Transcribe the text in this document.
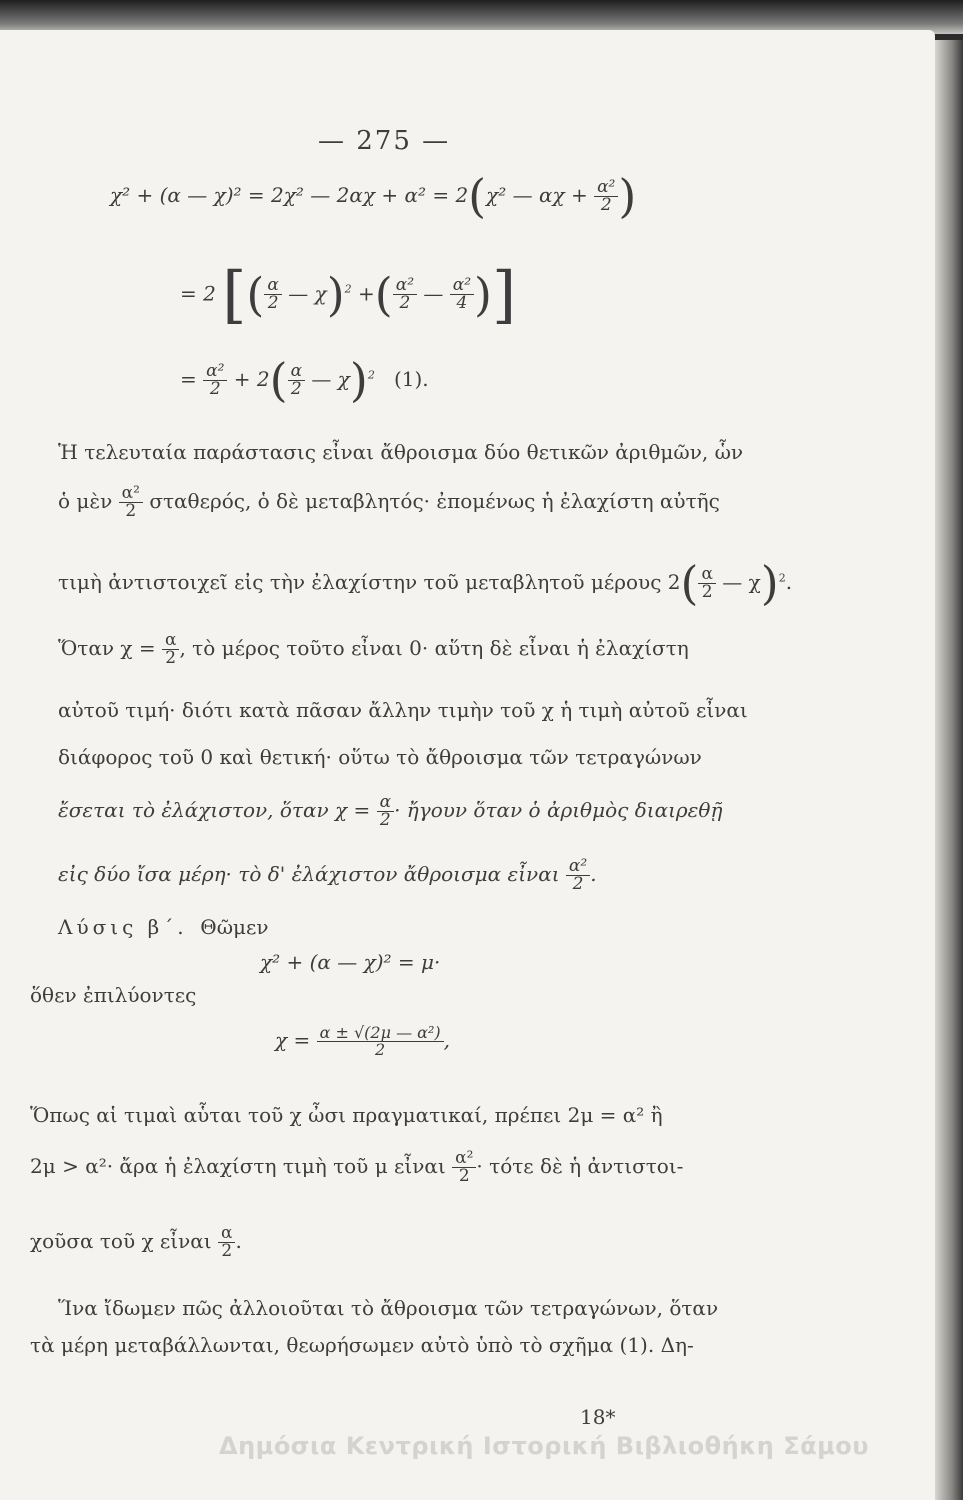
— 275 —
χ² + (α — χ)² = 2χ² — 2αχ + α² = 2(χ² — $\alpha\chi + \frac{\text{α²}}{2}$ )
= 2 [( $\frac{\alpha}{2}$ — χ)$^2$ +( $\frac{\text{α²}}{2}$ — $\frac{\text{α²}}{4}$ )]
= $\frac{\text{α²}}{2} + 2( \frac{\alpha}{2}$ — χ)$^2$ (1).
Ἡ τελευταία παράστασις εἶναι ἄθροισμα δύο θετικῶν ἀριθμῶν, ὧν
ὁ μὲν $\frac{\text{α²}}{2} \sigma\tau\alpha\theta\varepsilon\rho ό\varsigma$, ὁ δὲ μεταβλητός· ἐπομένως ἡ ἐλαχίστη αὐτῆς
τιμὴ ἀντιστοιχεῖ εἰς τὴν ἐλαχίστην τοῦ μεταβλητοῦ μέρους $2( \frac{\alpha}{2}$ — χ)$^2$.
Ὅταν $\chi = \frac{\alpha}{2}$ , τὸ μέρος τοῦτο εἶναι 0· αὕτη δὲ εἶναι ἡ ἐλαχίστη
αὐτοῦ τιμή· διότι κατὰ πᾶσαν ἄλλην τιμὴν τοῦ χ ἡ τιμὴ αὐτοῦ εἶναι
διάφορος τοῦ 0 καὶ θετική· οὕτω τὸ ἄθροισμα τῶν τετραγώνων
ἔσεται τὸ ἐλάχιστον, ὅταν $\chi = \frac{\alpha}{2}$ · ἤγουν ὅταν ὁ ἀριθμὸς διαιρεθῇ
εἰς δύο ἴσα μέρη· τὸ δ' ἐλάχιστον ἄθροισμα εἶναι $\frac{\text{α²}}{2}$ .
Λύσις β΄. Θῶμεν
χ² + (α — χ)² = μ·
ὅθεν ἐπιλύοντες
$\chi = \frac{\text{α ± √(2μ — α²)}}{2}$ ,
Ὅπως αἱ τιμαὶ αὗται τοῦ χ ὦσι πραγματικαί, πρέπει 2μ = α² ἢ
2μ > α²· ἄρα ἡ ἐλαχίστη τιμὴ τοῦ μ εἶναι $\frac{\text{α²}}{2} \cdot \tau ό\tau\varepsilon$ δὲ ἡ ἀντιστοι-
χοῦσα τοῦ χ εἶναι $\frac{\alpha}{2}$ .
Ἵνα ἴδωμεν πῶς ἀλλοιοῦται τὸ ἄθροισμα τῶν τετραγώνων, ὅταν
τὰ μέρη μεταβάλλωνται, θεωρήσωμεν αὐτὸ ὑπὸ τὸ σχῆμα (1). Δη-
18*
Δημόσια Κεντρική Ιστορική Βιβλιοθήκη Σάμου
